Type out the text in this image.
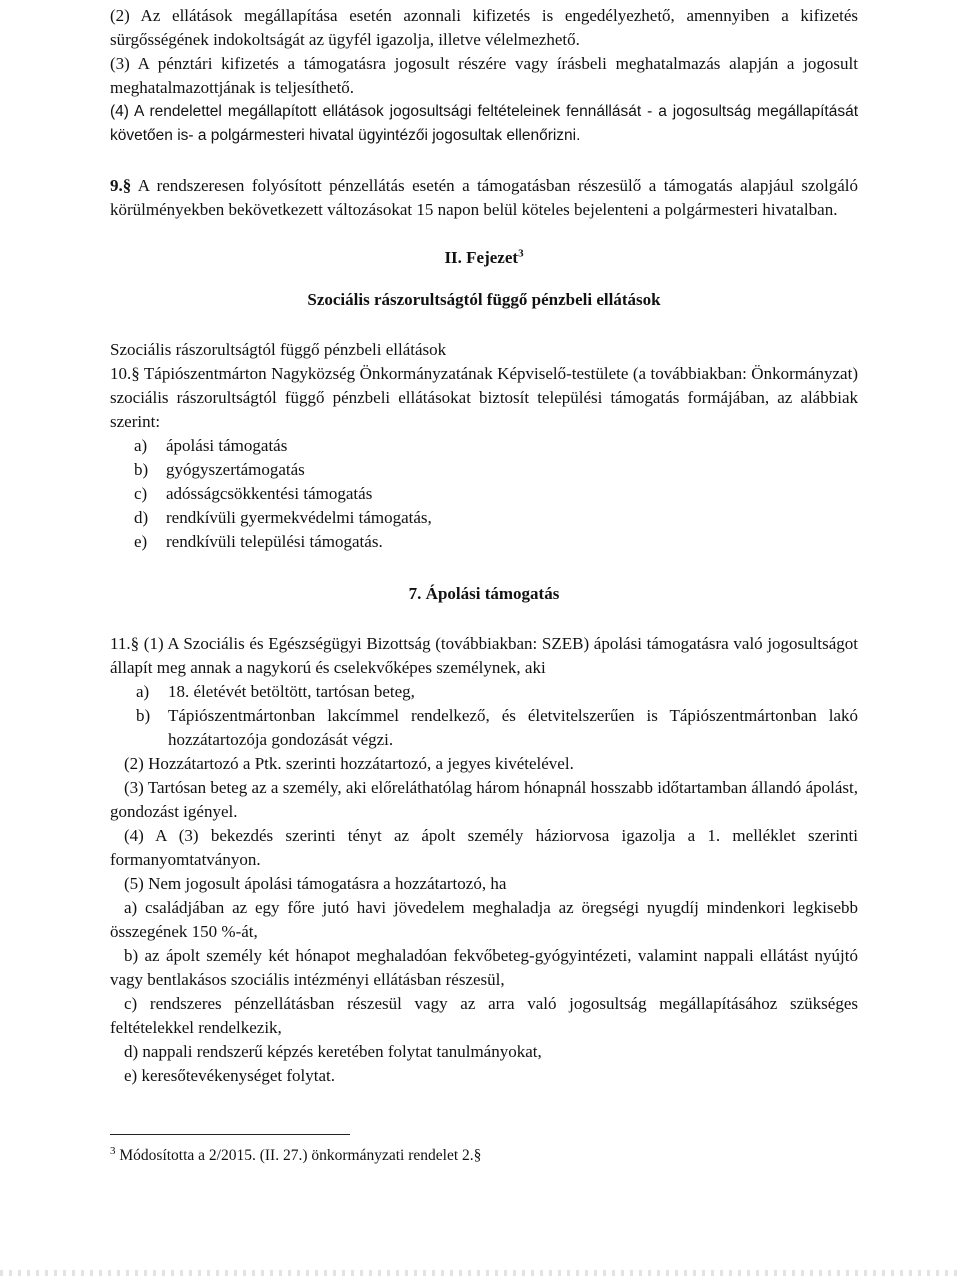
(2) Az ellátások megállapítása esetén azonnali kifizetés is engedélyezhető, amennyiben a kifizetés sürgősségének indokoltságát az ügyfél igazolja, illetve vélelmezhető.

(3) A pénztári kifizetés a támogatásra jogosult részére vagy írásbeli meghatalmazás alapján a jogosult meghatalmazottjának is teljesíthető.

(4) A rendelettel megállapított ellátások jogosultsági feltételeinek fennállását - a jogosultság megállapítását követően is- a polgármesteri hivatal ügyintézői jogosultak ellenőrizni.

9.§ A rendszeresen folyósított pénzellátás esetén a támogatásban részesülő a támogatás alapjául szolgáló körülményekben bekövetkezett változásokat 15 napon belül köteles bejelenteni a polgármesteri hivatalban.

II. Fejezet$^3$

Szociális rászorultságtól függő pénzbeli ellátások

Szociális rászorultságtól függő pénzbeli ellátások

10.§ Tápiószentmárton Nagyközség Önkormányzatának Képviselő-testülete (a továbbiakban: Önkormányzat) szociális rászorultságtól függő pénzbeli ellátásokat biztosít települési támogatás formájában, az alábbiak szerint:

a)	ápolási támogatás
b)	gyógyszertámogatás
c)	adósságcsökkentési támogatás
d)	rendkívüli gyermekvédelmi támogatás,
e)	rendkívüli települési támogatás.

7. Ápolási támogatás

11.§ (1) A Szociális és Egészségügyi Bizottság (továbbiakban: SZEB) ápolási támogatásra való jogosultságot állapít meg annak a nagykorú és cselekvőképes személynek, aki

a)	18. életévét betöltött, tartósan beteg,
b)	Tápiószentmártonban lakcímmel rendelkező, és életvitelszerűen is Tápiószentmártonban lakó hozzátartozója gondozását végzi.

(2) Hozzátartozó a Ptk. szerinti hozzátartozó, a jegyes kivételével.

(3) Tartósan beteg az a személy, aki előreláthatólag három hónapnál hosszabb időtartamban állandó ápolást, gondozást igényel.

(4) A (3) bekezdés szerinti tényt az ápolt személy háziorvosa igazolja a 1. melléklet szerinti formanyomtatványon.

(5) Nem jogosult ápolási támogatásra a hozzátartozó, ha

a) családjában az egy főre jutó havi jövedelem meghaladja az öregségi nyugdíj mindenkori legkisebb összegének 150 %-át,

b) az ápolt személy két hónapot meghaladóan fekvőbeteg-gyógyintézeti, valamint nappali ellátást nyújtó vagy bentlakásos szociális intézményi ellátásban részesül,

c) rendszeres pénzellátásban részesül vagy az arra való jogosultság megállapításához szükséges feltételekkel rendelkezik,

d) nappali rendszerű képzés keretében folytat tanulmányokat,

e) keresőtevékenységet folytat.

$^3$ Módosította a 2/2015. (II. 27.) önkormányzati rendelet 2.§
